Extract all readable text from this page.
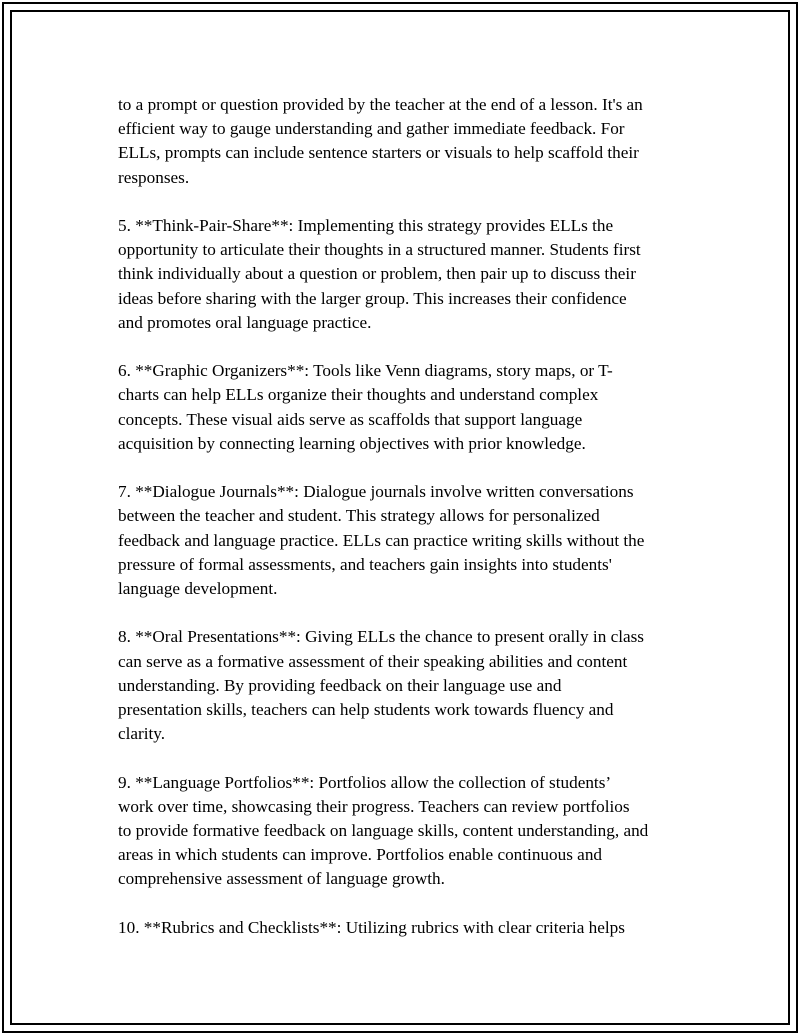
to a prompt or question provided by the teacher at the end of a lesson. It's an
efficient way to gauge understanding and gather immediate feedback. For
ELLs, prompts can include sentence starters or visuals to help scaffold their
responses.

5. **Think-Pair-Share**: Implementing this strategy provides ELLs the
opportunity to articulate their thoughts in a structured manner. Students first
think individually about a question or problem, then pair up to discuss their
ideas before sharing with the larger group. This increases their confidence
and promotes oral language practice.

6. **Graphic Organizers**: Tools like Venn diagrams, story maps, or T-
charts can help ELLs organize their thoughts and understand complex
concepts. These visual aids serve as scaffolds that support language
acquisition by connecting learning objectives with prior knowledge.

7. **Dialogue Journals**: Dialogue journals involve written conversations
between the teacher and student. This strategy allows for personalized
feedback and language practice. ELLs can practice writing skills without the
pressure of formal assessments, and teachers gain insights into students'
language development.

8. **Oral Presentations**: Giving ELLs the chance to present orally in class
can serve as a formative assessment of their speaking abilities and content
understanding. By providing feedback on their language use and
presentation skills, teachers can help students work towards fluency and
clarity.

9. **Language Portfolios**: Portfolios allow the collection of students’
work over time, showcasing their progress. Teachers can review portfolios
to provide formative feedback on language skills, content understanding, and
areas in which students can improve. Portfolios enable continuous and
comprehensive assessment of language growth.

10. **Rubrics and Checklists**: Utilizing rubrics with clear criteria helps
